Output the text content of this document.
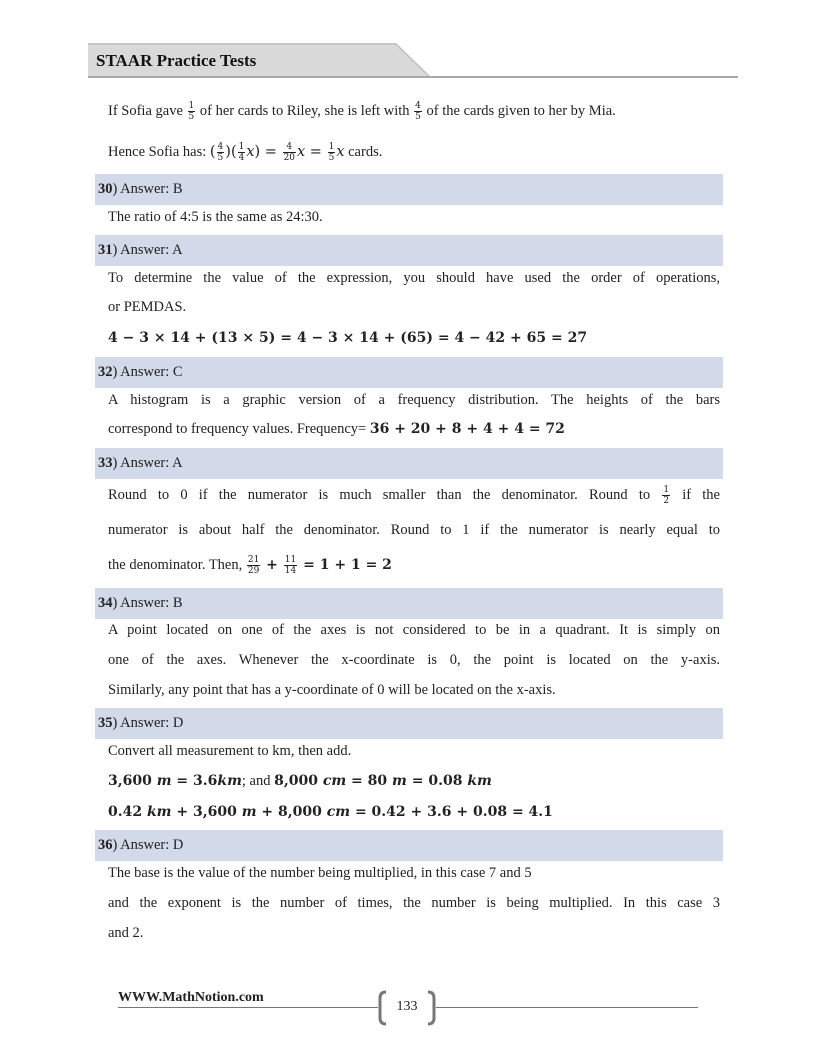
STAAR Practice Tests
If Sofia gave $\frac{1}{5}$ of her cards to Riley, she is left with $\frac{4}{5}$ of the cards given to her by Mia.
Hence Sofia has: ( $\frac{4}{5}$ )( $\frac{1}{4} x) = \frac{4}{20}$ $x = \frac{1}{5}$ x cards.
30) Answer: B
The ratio of 4:5 is the same as 24:30.
31) Answer: A
To determine the value of the expression, you should have used the order of operations,
or PEMDAS.
4 − 3 × 14 + (13 × 5) = 4 − 3 × 14 + (65) = 4 − 42 + 65 = 27
32) Answer: C
A histogram is a graphic version of a frequency distribution. The heights of the bars
correspond to frequency values. Frequency= 36 + 20 + 8 + 4 + 4 = 72
33) Answer: A
Round to 0 if the numerator is much smaller than the denominator. Round to $\frac{1}{2}$ if the
numerator is about half the denominator. Round to 1 if the numerator is nearly equal to
the denominator. Then, $\frac{21}{29} + \frac{11}{14} = 1 + 1 = 2$
34) Answer: B
A point located on one of the axes is not considered to be in a quadrant. It is simply on
one of the axes. Whenever the x-coordinate is 0, the point is located on the y-axis.
Similarly, any point that has a y-coordinate of 0 will be located on the x-axis.
35) Answer: D
Convert all measurement to km, then add.
3,600 m = 3.6km; and 8,000 cm = 80 m = 0.08 km
0.42 km + 3,600 m + 8,000 cm = 0.42 + 3.6 + 0.08 = 4.1
36) Answer: D
The base is the value of the number being multiplied, in this case 7 and 5
and the exponent is the number of times, the number is being multiplied. In this case 3
and 2.
WWW.MathNotion.com
133
